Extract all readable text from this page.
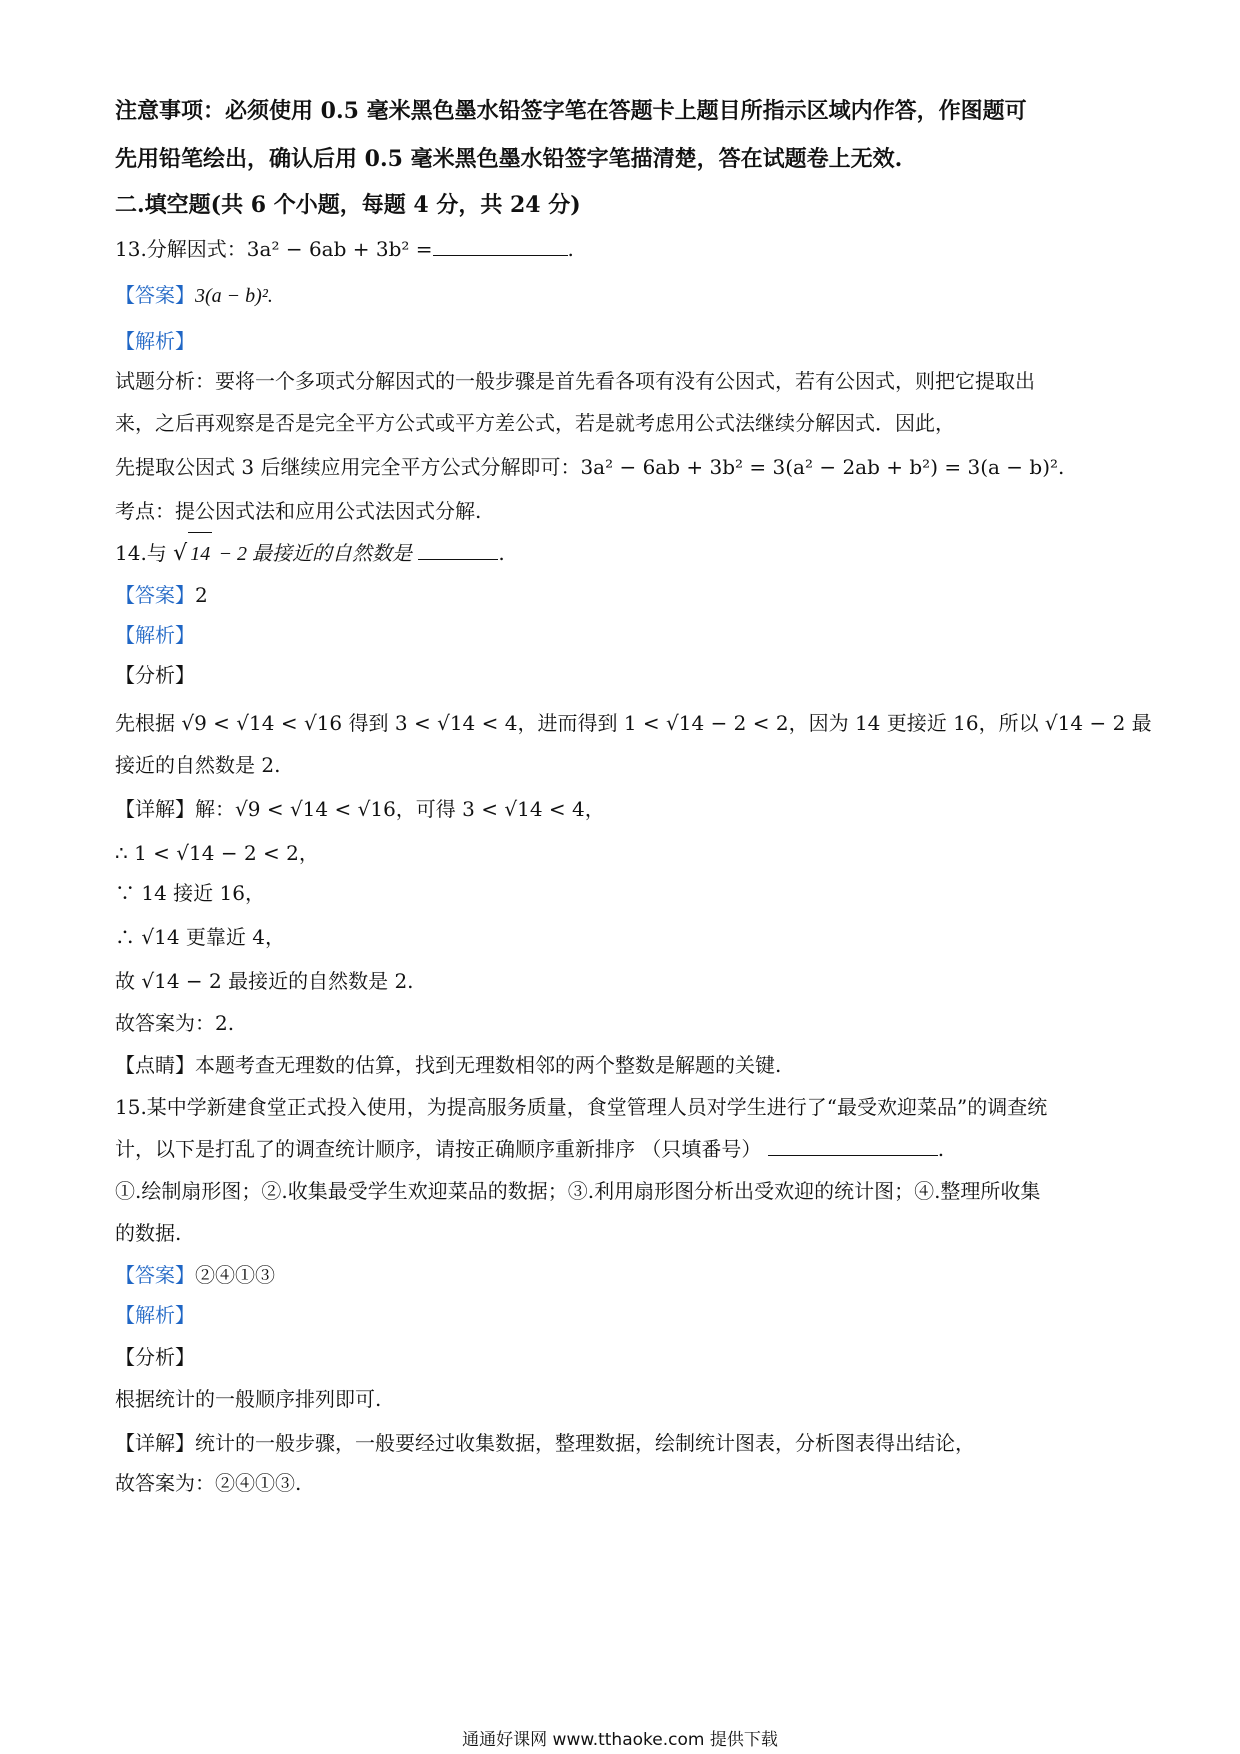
注意事项：必须使用 0.5 毫米黑色墨水铅签字笔在答题卡上题目所指示区域内作答，作图题可
先用铅笔绘出，确认后用 0.5 毫米黑色墨水铅签字笔描清楚，答在试题卷上无效.
二.填空题(共 6 个小题，每题 4 分，共 24 分)
13.分解因式：3a² − 6ab + 3b² =	.
【答案】3(a − b)².
【解析】
试题分析：要将一个多项式分解因式的一般步骤是首先看各项有没有公因式，若有公因式，则把它提取出
来，之后再观察是否是完全平方公式或平方差公式，若是就考虑用公式法继续分解因式．因此，
先提取公因式 3 后继续应用完全平方公式分解即可：3a² − 6ab + 3b² = 3(a² − 2ab + b²) = 3(a − b)².
考点：提公因式法和应用公式法因式分解.
14.与 √ 14 − 2 最接近的自然数是	.
【答案】2
【解析】
【分析】
先根据 √9 < √14 < √16 得到 3 < √14 < 4，进而得到 1 < √14 − 2 < 2，因为 14 更接近 16，所以 √14 − 2 最
接近的自然数是 2.
【详解】解：√9 < √14 < √16，可得 3 < √14 < 4，
∴ 1 < √14 − 2 < 2，
∵ 14 接近 16，
∴ √14 更靠近 4，
故 √14 − 2 最接近的自然数是 2.
故答案为：2.
【点睛】本题考查无理数的估算，找到无理数相邻的两个整数是解题的关键.
15.某中学新建食堂正式投入使用，为提高服务质量，食堂管理人员对学生进行了“最受欢迎菜品”的调查统
计，以下是打乱了的调查统计顺序，请按正确顺序重新排序 （只填番号）	.
①.绘制扇形图；②.收集最受学生欢迎菜品的数据；③.利用扇形图分析出受欢迎的统计图；④.整理所收集
的数据.
【答案】②④①③
【解析】
【分析】
根据统计的一般顺序排列即可.
【详解】统计的一般步骤，一般要经过收集数据，整理数据，绘制统计图表，分析图表得出结论，
故答案为：②④①③.
通通好课网 www.tthaoke.com 提供下载
